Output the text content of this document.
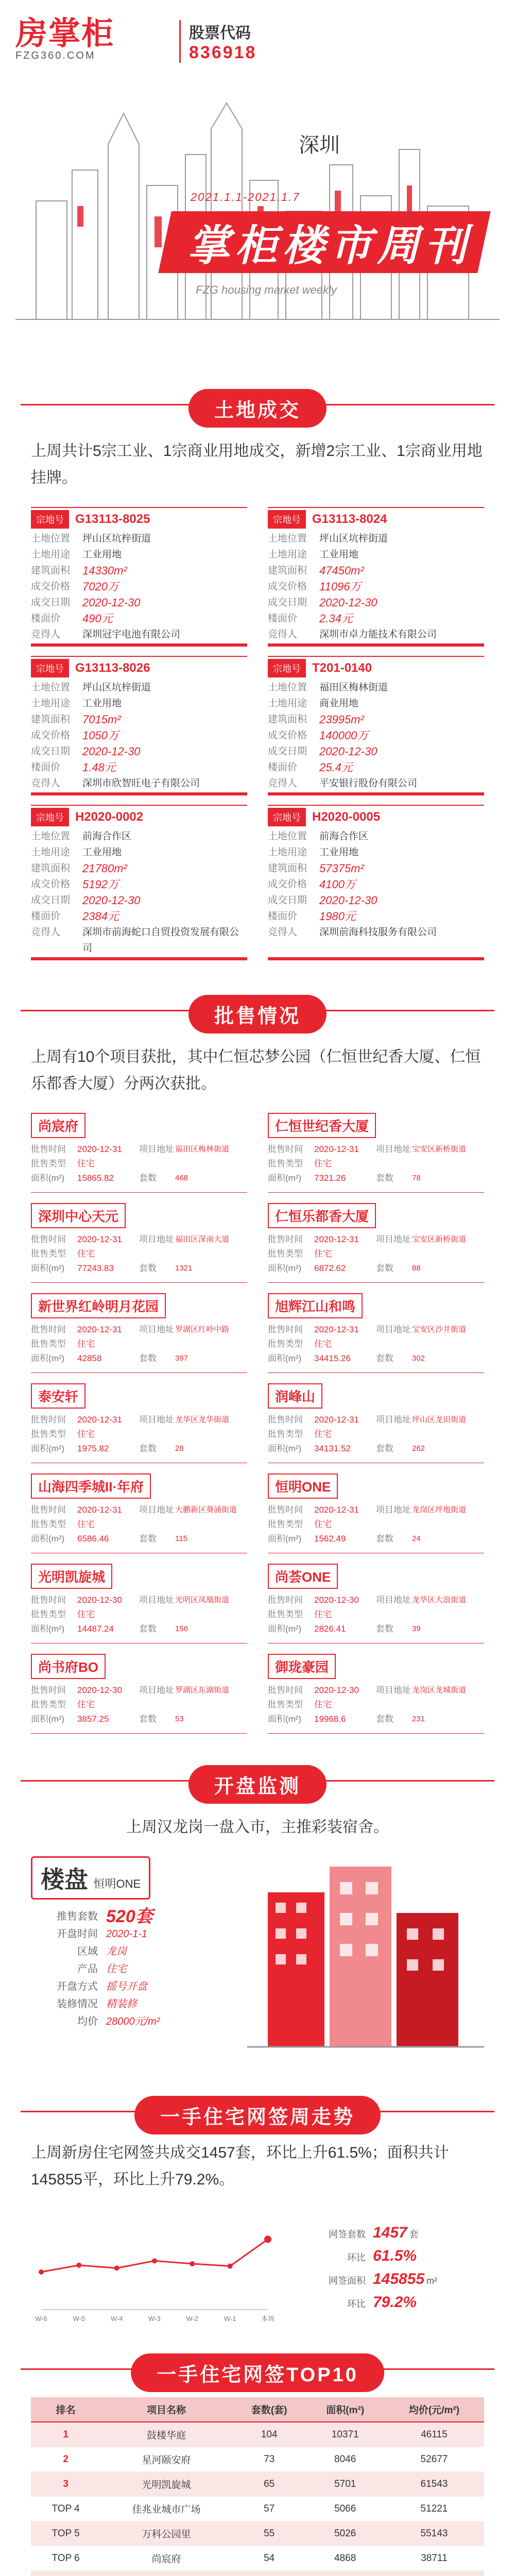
房掌柜
FZG360.COM
股票代码
836918
深圳
2021.1.1-2021.1.7
掌柜楼市周刊
FZG housing market weekly
土地成交
上周共计5宗工业、1宗商业用地成交，新增2宗工业、1宗商业用地挂牌。
宗地号 G13113-8025
土地位置	坪山区坑梓街道
土地用途	工业用地
建筑面积	14330m²
成交价格	7020万
成交日期	2020-12-30
楼面价	490元
竞得人	深圳冠宇电池有限公司
宗地号 G13113-8024
土地位置	坪山区坑梓街道
土地用途	工业用地
建筑面积	47450m²
成交价格	11096万
成交日期	2020-12-30
楼面价	2.34元
竞得人	深圳市卓力能技术有限公司
宗地号 G13113-8026
土地位置	坪山区坑梓街道
土地用途	工业用地
建筑面积	7015m²
成交价格	1050万
成交日期	2020-12-30
楼面价	1.48元
竞得人	深圳市欣智旺电子有限公司
宗地号 T201-0140
土地位置	福田区梅林街道
土地用途	商业用地
建筑面积	23995m²
成交价格	140000万
成交日期	2020-12-30
楼面价	25.4元
竞得人	平安银行股份有限公司
宗地号 H2020-0002
土地位置	前海合作区
土地用途	工业用地
建筑面积	21780m²
成交价格	5192万
成交日期	2020-12-30
楼面价	2384元
竞得人	深圳市前海蛇口自贸投资发展有限公司
宗地号 H2020-0005
土地位置	前海合作区
土地用途	工业用地
建筑面积	57375m²
成交价格	4100万
成交日期	2020-12-30
楼面价	1980元
竞得人	深圳前海科技服务有限公司
批售情况
上周有10个项目获批，其中仁恒芯梦公园（仁恒世纪香大厦、仁恒乐都香大厦）分两次获批。
尚宸府
批售时间	2020-12-31	项目地址 福田区梅林街道
批售类型	住宅
面积(m²)	15865.82	套数	468
仁恒世纪香大厦
批售时间	2020-12-31	项目地址 宝安区新桥街道
批售类型	住宅
面积(m²)	7321.26	套数	78
深圳中心天元
批售时间	2020-12-31	项目地址 福田区深南大道
批售类型	住宅
面积(m²)	77243.83	套数	1321
仁恒乐都香大厦
批售时间	2020-12-31	项目地址 宝安区新桥街道
批售类型	住宅
面积(m²)	6872.62	套数	88
新世界红岭明月花园
批售时间	2020-12-31	项目地址 罗湖区红岭中路
批售类型	住宅
面积(m²)	42858	套数	397
旭辉江山和鸣
批售时间	2020-12-31	项目地址 宝安区沙井街道
批售类型	住宅
面积(m²)	34415.26	套数	302
泰安轩
批售时间	2020-12-31	项目地址 龙华区龙华街道
批售类型	住宅
面积(m²)	1975.82	套数	28
润峰山
批售时间	2020-12-31	项目地址 坪山区龙田街道
批售类型	住宅
面积(m²)	34131.52	套数	262
山海四季城II·年府
批售时间	2020-12-31	项目地址 大鹏新区葵涌街道
批售类型	住宅
面积(m²)	6586.46	套数	115
恒明ONE
批售时间	2020-12-31	项目地址 龙岗区坪地街道
批售类型	住宅
面积(m²)	1562.49	套数	24
光明凯旋城
批售时间	2020-12-30	项目地址 光明区凤凰街道
批售类型	住宅
面积(m²)	14487.24	套数	156
尚荟ONE
批售时间	2020-12-30	项目地址 龙华区大浪街道
批售类型	住宅
面积(m²)	2826.41	套数	39
尚书府BO
批售时间	2020-12-30	项目地址 罗湖区东湖街道
批售类型	住宅
面积(m²)	3857.25	套数	53
御珑豪园
批售时间	2020-12-30	项目地址 龙岗区龙城街道
批售类型	住宅
面积(m²)	19968.6	套数	231
开盘监测
上周汉龙岗一盘入市，主推彩装宿舍。
楼盘 恒明ONE
推售套数 520套
开盘时间 2020-1-1
区域 龙岗
产品 住宅
开盘方式 摇号开盘
装修情况 精装修
均价 28000元/m²
一手住宅网签周走势
上周新房住宅网签共成交1457套，环比上升61.5%；面积共计145855平，环比上升79.2%。
W-6	W-5	W-4	W-3	W-2	W-1	本周
网签套数 1457 套
环比 61.5%
网签面积 145855 m²
环比 79.2%
一手住宅网签TOP10
排名	项目名称	套数(套)	面积(m²)	均价(元/m²)
1	鼓楼华庭	104	10371	46115
2	星河颐安府	73	8046	52677
3	光明凯旋城	65	5701	61543
TOP 4	佳兆业城市广场	57	5066	51221
TOP 5	万科公园里	55	5026	55143
TOP 6	尚宸府	54	4868	38711
